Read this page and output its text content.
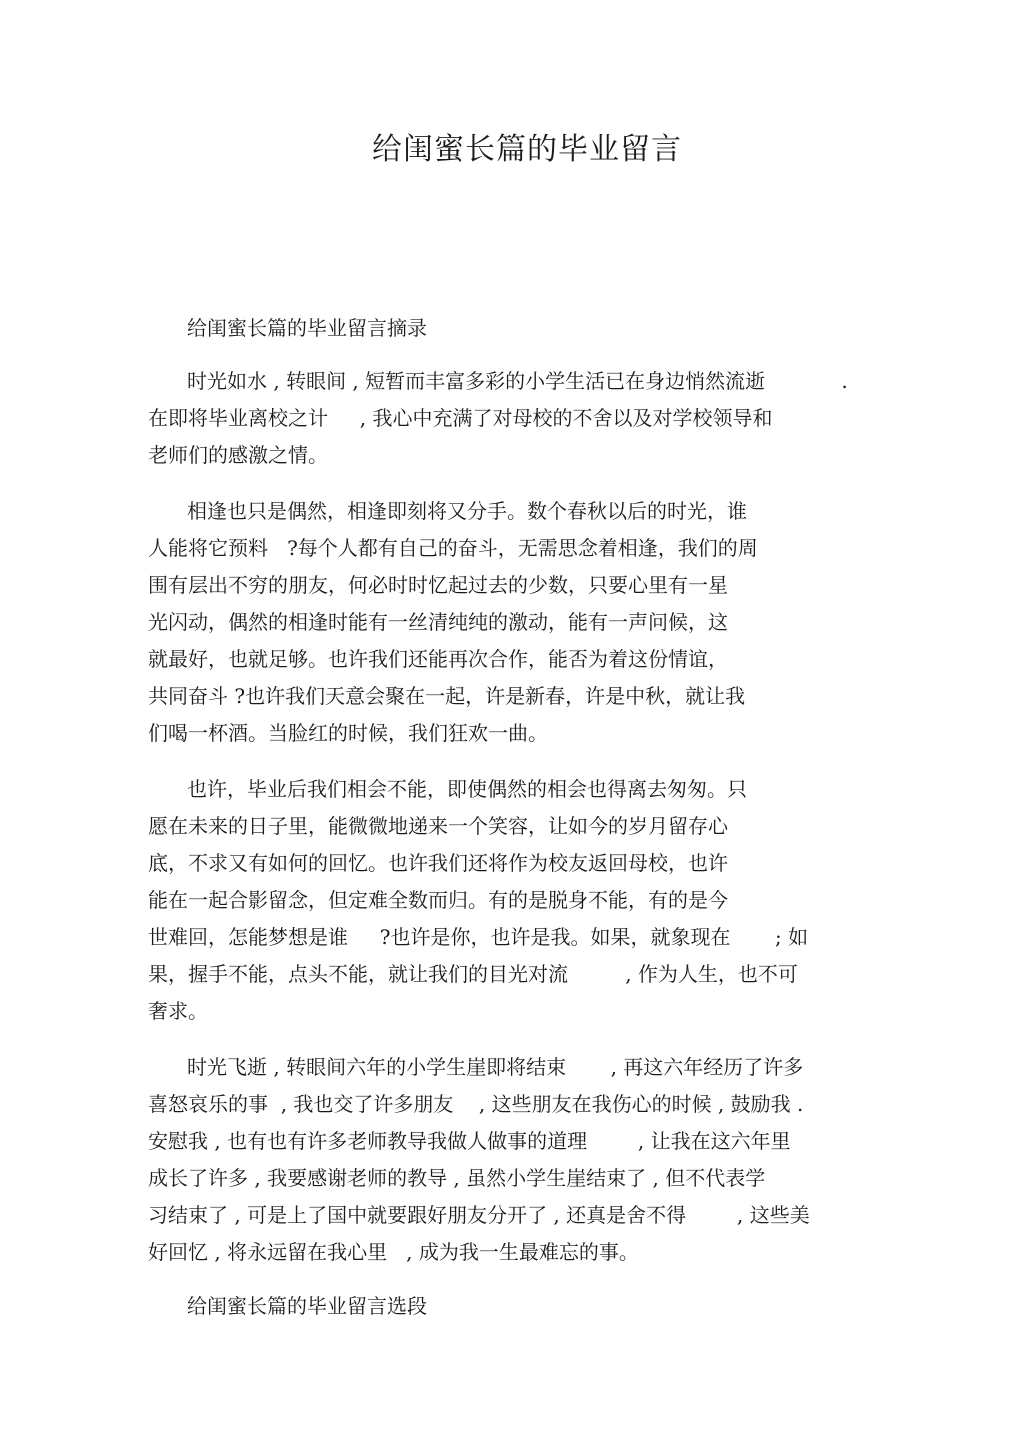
给闺蜜长篇的毕业留言
给闺蜜长篇的毕业留言摘录
时光如水 , 转眼间 , 短暂而丰富多彩的小学生活已在身边悄然流逝            .
在即将毕业离校之计     , 我心中充满了对母校的不舍以及对学校领导和
老师们的感激之情。
相逢也只是偶然，相逢即刻将又分手。数个春秋以后的时光，谁
人能将它预料   ?每个人都有自己的奋斗，无需思念着相逢，我们的周
围有层出不穷的朋友，何必时时忆起过去的少数，只要心里有一星
光闪动，偶然的相逢时能有一丝清纯纯的激动，能有一声问候，这
就最好，也就足够。也许我们还能再次合作，能否为着这份情谊，
共同奋斗 ?也许我们天意会聚在一起，许是新春，许是中秋，就让我
们喝一杯酒。当脸红的时候，我们狂欢一曲。
也许，毕业后我们相会不能，即使偶然的相会也得离去匆匆。只
愿在未来的日子里，能微微地递来一个笑容，让如今的岁月留存心
底，不求又有如何的回忆。也许我们还将作为校友返回母校，也许
能在一起合影留念，但定难全数而归。有的是脱身不能，有的是今
世难回，怎能梦想是谁     ?也许是你，也许是我。如果，就象现在       ; 如
果，握手不能，点头不能，就让我们的目光对流         , 作为人生，也不可
奢求。
时光飞逝 , 转眼间六年的小学生崖即将结束       , 再这六年经历了许多
喜怒哀乐的事  , 我也交了许多朋友    , 这些朋友在我伤心的时候 , 鼓励我 .
安慰我 , 也有也有许多老师教导我做人做事的道理        , 让我在这六年里
成长了许多 , 我要感谢老师的教导 , 虽然小学生崖结束了 , 但不代表学
习结束了 , 可是上了国中就要跟好朋友分开了 , 还真是舍不得        , 这些美
好回忆 , 将永远留在我心里   , 成为我一生最难忘的事。
给闺蜜长篇的毕业留言选段
